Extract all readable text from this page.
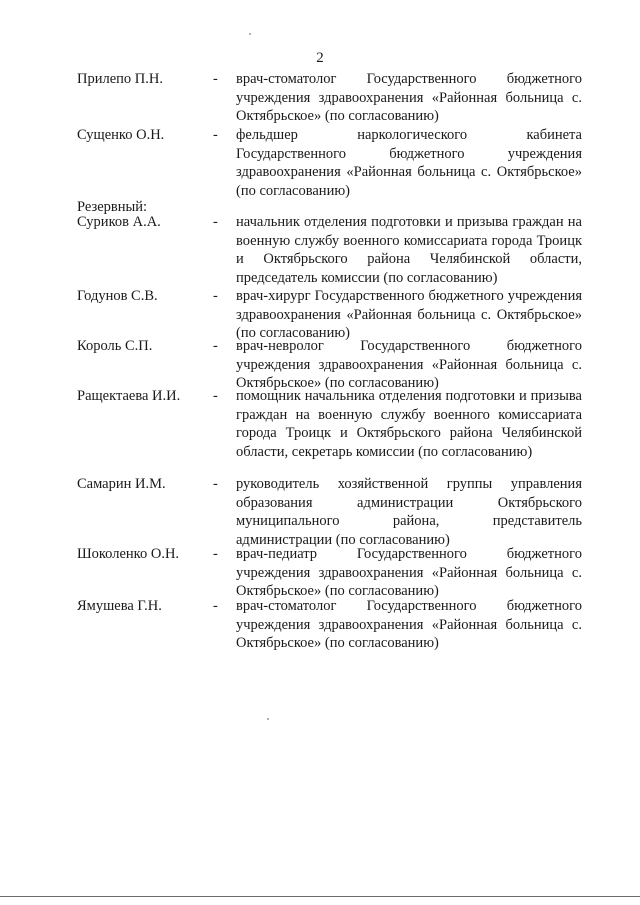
2
Прилепо П.Н.	- врач-стоматолог Государственного бюджетного учреждения здравоохранения «Районная больница с. Октябрьское» (по согласованию)
Сущенко О.Н.	- фельдшер наркологического кабинета Государственного бюджетного учреждения здравоохранения «Районная больница с. Октябрьское» (по согласованию)
Резервный:
Суриков А.А.	- начальник отделения подготовки и призыва граждан на военную службу военного комиссариата города Троицк и Октябрьского района Челябинской области, председатель комиссии (по согласованию)
Годунов С.В.	- врач-хирург Государственного бюджетного учреждения здравоохранения «Районная больница с. Октябрьское» (по согласованию)
Король С.П.	- врач-невролог Государственного бюджетного учреждения здравоохранения «Районная больница с. Октябрьское» (по согласованию)
Ращектаева И.И. - помощник начальника отделения подготовки и призыва граждан на военную службу военного комиссариата города Троицк и Октябрьского района Челябинской области, секретарь комиссии (по согласованию)
Самарин И.М.	- руководитель хозяйственной группы управления образования администрации Октябрьского муниципального района, представитель администрации (по согласованию)
Шоколенко О.Н. - врач-педиатр Государственного бюджетного учреждения здравоохранения «Районная больница с. Октябрьское» (по согласованию)
Ямушева Г.Н.	- врач-стоматолог Государственного бюджетного учреждения здравоохранения «Районная больница с. Октябрьское» (по согласованию)
